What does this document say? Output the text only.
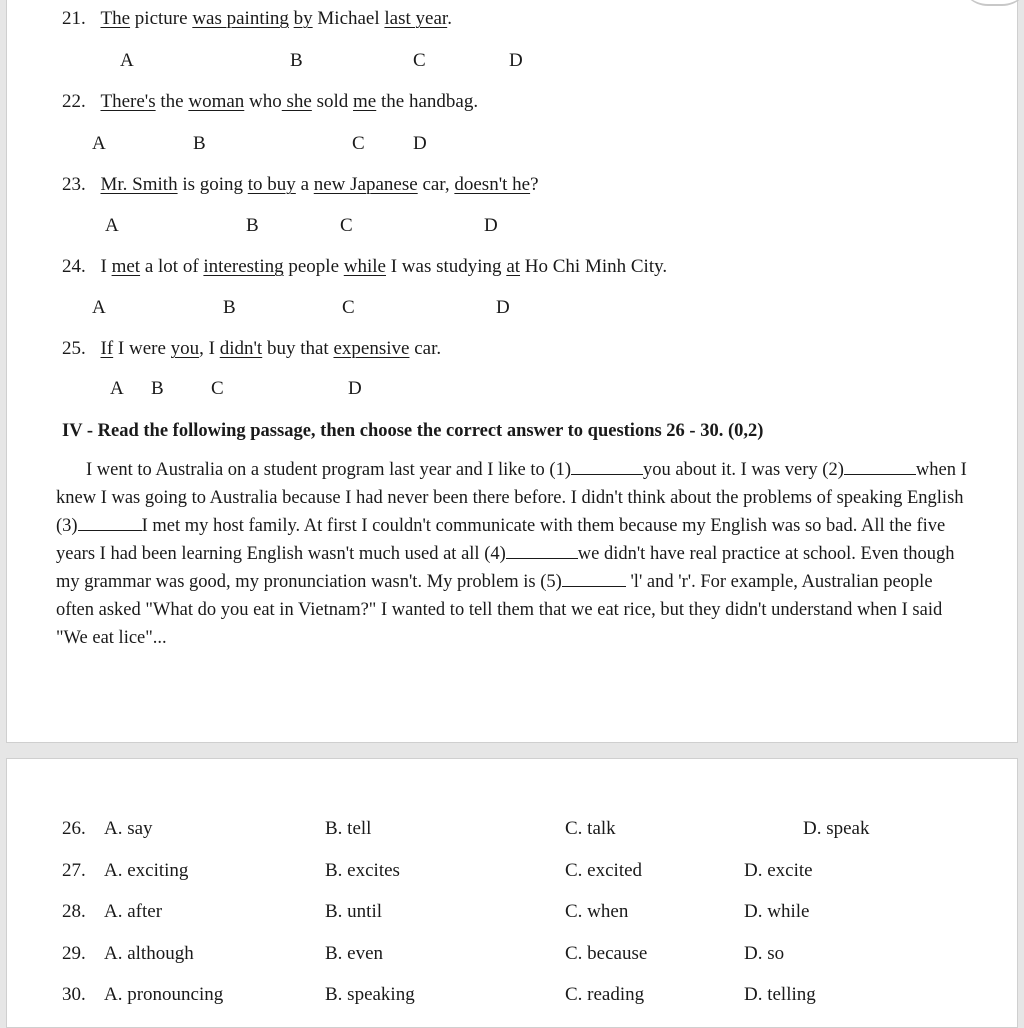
21. The picture was painting by Michael last year.
A	B	C	D
22. There's the woman who she sold me the handbag.
A	B	C	D
23. Mr. Smith is going to buy a new Japanese car, doesn't he?
A	B	C	D
24. I met a lot of interesting people while I was studying at Ho Chi Minh City.
A	B	C	D
25. If I were you, I didn't buy that expensive car.
A B C	D
IV - Read the following passage, then choose the correct answer to questions 26 - 30. (0,2)

I went to Australia on a student program last year and I like to (1)	you about it. I was very (2)	when I knew I was going to Australia because I had never been there before. I didn't think about the problems of speaking English (3)	I met my host family. At first I couldn't communicate with them because my English was so bad. All the five years I had been learning English wasn't much used at all (4)	we didn't have real practice at school. Even though my grammar was good, my pronunciation wasn't. My problem is (5)	'l' and 'r'. For example, Australian people often asked "What do you eat in Vietnam?" I wanted to tell them that we eat rice, but they didn't understand when I said "We eat lice"...

26. A. say	B. tell	C. talk	D. speak
27. A. exciting	B. excites	C. excited	D. excite
28. A. after	B. until	C. when	D. while
29. A. although	B. even	C. because	D. so
30. A. pronouncing	B. speaking	C. reading	D. telling
